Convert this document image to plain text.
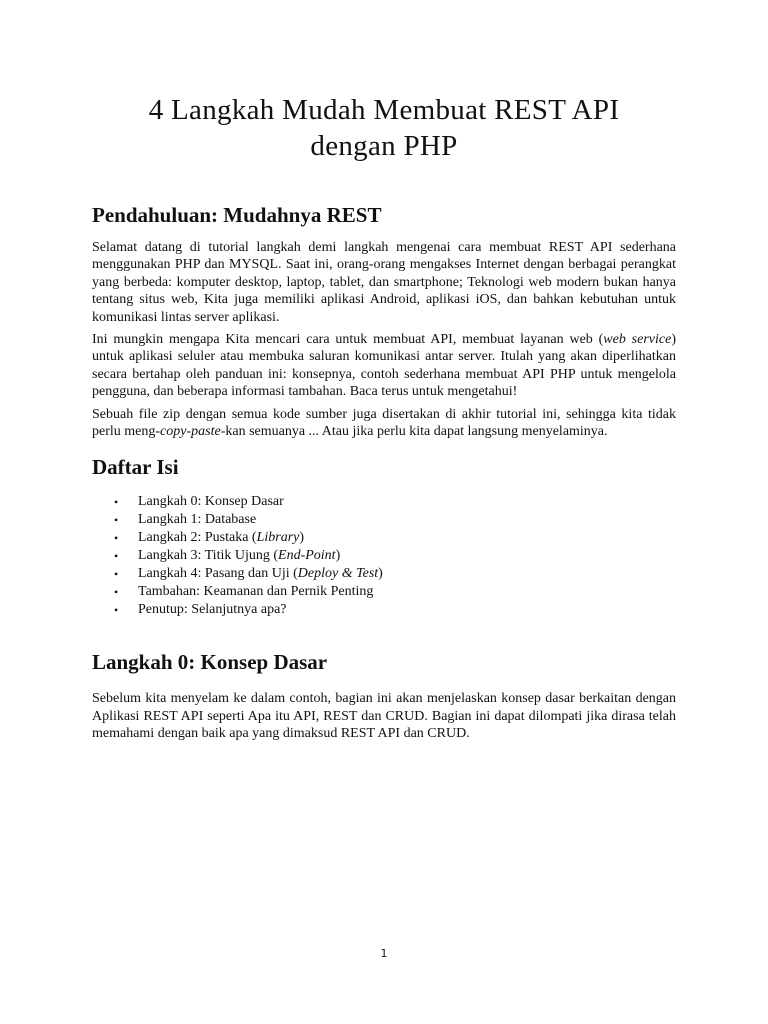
4 Langkah Mudah Membuat REST API
dengan PHP
Pendahuluan: Mudahnya REST

Selamat datang di tutorial langkah demi langkah mengenai cara membuat REST API sederhana menggunakan PHP dan MYSQL. Saat ini, orang-orang mengakses Internet dengan berbagai perangkat yang berbeda: komputer desktop, laptop, tablet, dan smartphone; Teknologi web modern bukan hanya tentang situs web, Kita juga memiliki aplikasi Android, aplikasi iOS, dan bahkan kebutuhan untuk komunikasi lintas server aplikasi.

Ini mungkin mengapa Kita mencari cara untuk membuat API, membuat layanan web (web service) untuk aplikasi seluler atau membuka saluran komunikasi antar server. Itulah yang akan diperlihatkan secara bertahap oleh panduan ini: konsepnya, contoh sederhana membuat API PHP untuk mengelola pengguna, dan beberapa informasi tambahan. Baca terus untuk mengetahui!

Sebuah file zip dengan semua kode sumber juga disertakan di akhir tutorial ini, sehingga kita tidak perlu meng-copy-paste-kan semuanya ... Atau jika perlu kita dapat langsung menyelaminya.

Daftar Isi
• Langkah 0: Konsep Dasar
• Langkah 1: Database
• Langkah 2: Pustaka (Library)
• Langkah 3: Titik Ujung (End-Point)
• Langkah 4: Pasang dan Uji (Deploy & Test)
• Tambahan: Keamanan dan Pernik Penting
• Penutup: Selanjutnya apa?
Langkah 0: Konsep Dasar

Sebelum kita menyelam ke dalam contoh, bagian ini akan menjelaskan konsep dasar berkaitan dengan Aplikasi REST API seperti Apa itu API, REST dan CRUD. Bagian ini dapat dilompati jika dirasa telah memahami dengan baik apa yang dimaksud REST API dan CRUD.

1
